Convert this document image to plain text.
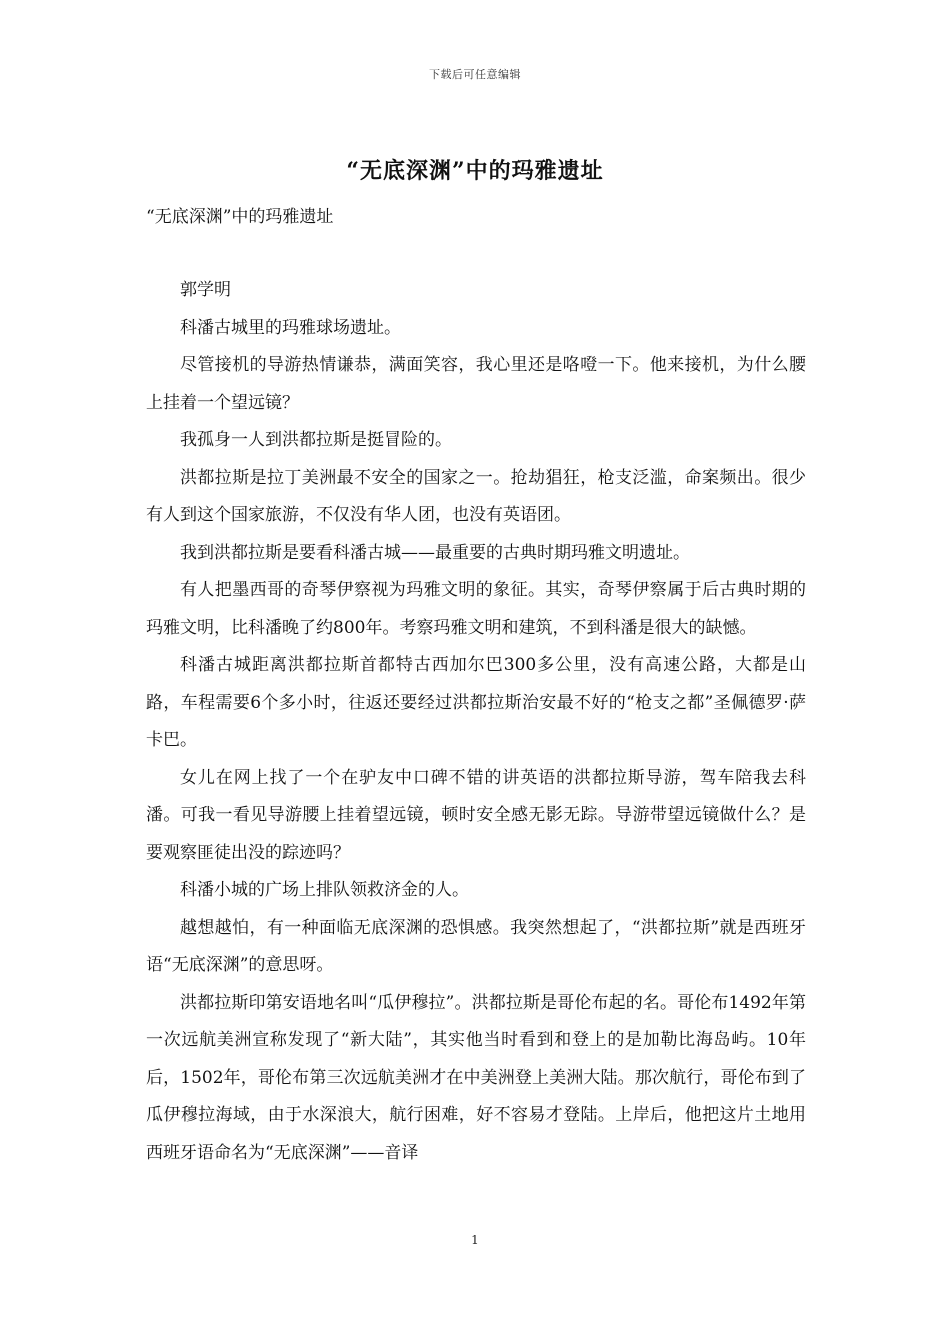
下载后可任意编辑
“无底深渊”中的玛雅遗址
“无底深渊”中的玛雅遗址

郭学明

科潘古城里的玛雅球场遗址。

尽管接机的导游热情谦恭，满面笑容，我心里还是咯噔一下。他来接机，为什么腰上挂着一个望远镜？

我孤身一人到洪都拉斯是挺冒险的。

洪都拉斯是拉丁美洲最不安全的国家之一。抢劫猖狂，枪支泛滥，命案频出。很少有人到这个国家旅游，不仅没有华人团，也没有英语团。

我到洪都拉斯是要看科潘古城——最重要的古典时期玛雅文明遗址。

有人把墨西哥的奇琴伊察视为玛雅文明的象征。其实，奇琴伊察属于后古典时期的玛雅文明，比科潘晚了约800年。考察玛雅文明和建筑，不到科潘是很大的缺憾。

科潘古城距离洪都拉斯首都特古西加尔巴300多公里，没有高速公路，大都是山路，车程需要6个多小时，往返还要经过洪都拉斯治安最不好的“枪支之都”圣佩德罗·萨卡巴。

女儿在网上找了一个在驴友中口碑不错的讲英语的洪都拉斯导游，驾车陪我去科潘。可我一看见导游腰上挂着望远镜，顿时安全感无影无踪。导游带望远镜做什么？是要观察匪徒出没的踪迹吗？

科潘小城的广场上排队领救济金的人。

越想越怕，有一种面临无底深渊的恐惧感。我突然想起了，“洪都拉斯”就是西班牙语“无底深渊”的意思呀。

洪都拉斯印第安语地名叫“瓜伊穆拉”。洪都拉斯是哥伦布起的名。哥伦布1492年第一次远航美洲宣称发现了“新大陆”，其实他当时看到和登上的是加勒比海岛屿。10年后，1502年，哥伦布第三次远航美洲才在中美洲登上美洲大陆。那次航行，哥伦布到了瓜伊穆拉海域，由于水深浪大，航行困难，好不容易才登陆。上岸后，他把这片土地用西班牙语命名为“无底深渊”——音译

1
